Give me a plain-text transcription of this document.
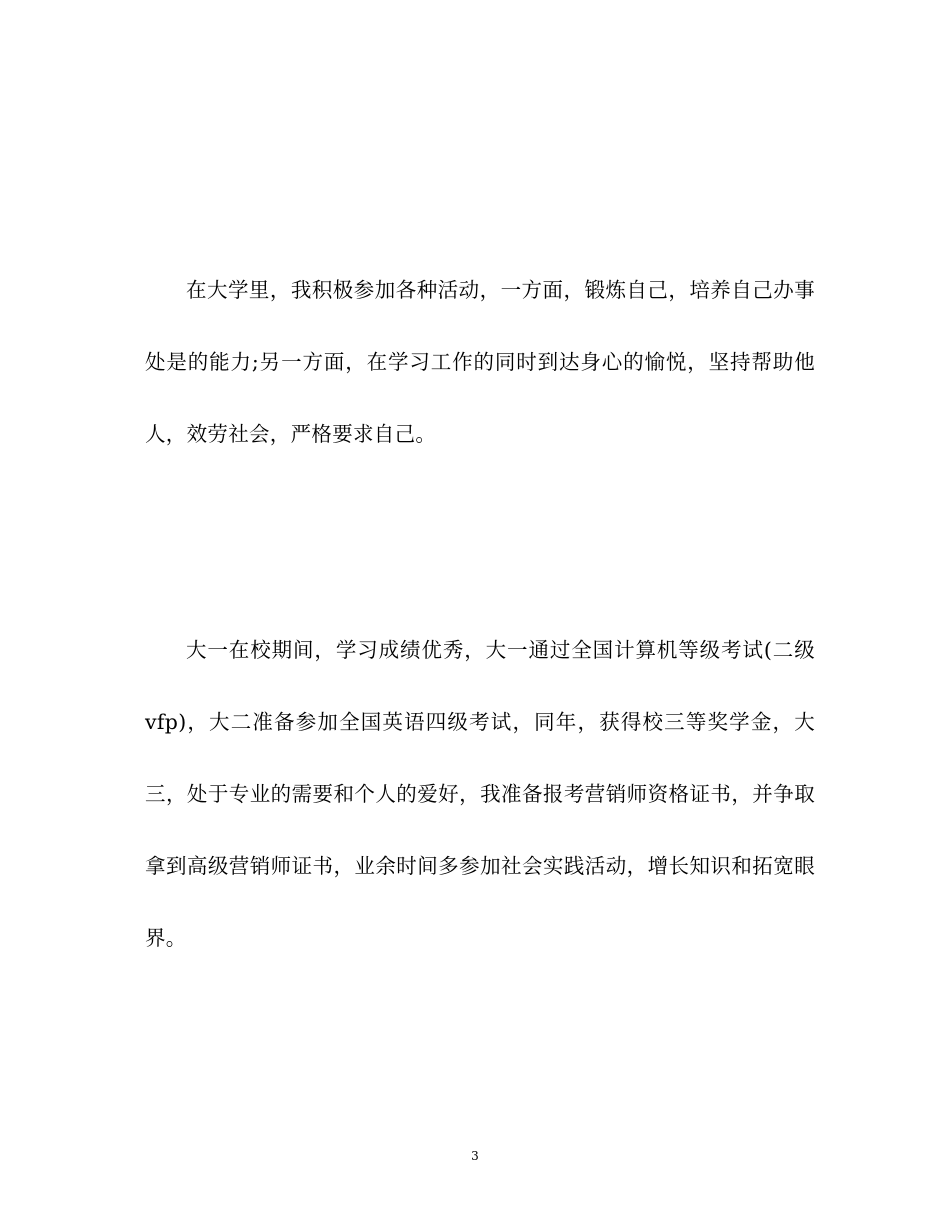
在大学里，我积极参加各种活动，一方面，锻炼自己，培养自己办事处是的能力;另一方面，在学习工作的同时到达身心的愉悦，坚持帮助他人，效劳社会，严格要求自己。

大一在校期间，学习成绩优秀，大一通过全国计算机等级考试(二级vfp)，大二准备参加全国英语四级考试，同年，获得校三等奖学金，大三，处于专业的需要和个人的爱好，我准备报考营销师资格证书，并争取拿到高级营销师证书，业余时间多参加社会实践活动，增长知识和拓宽眼界。

3
